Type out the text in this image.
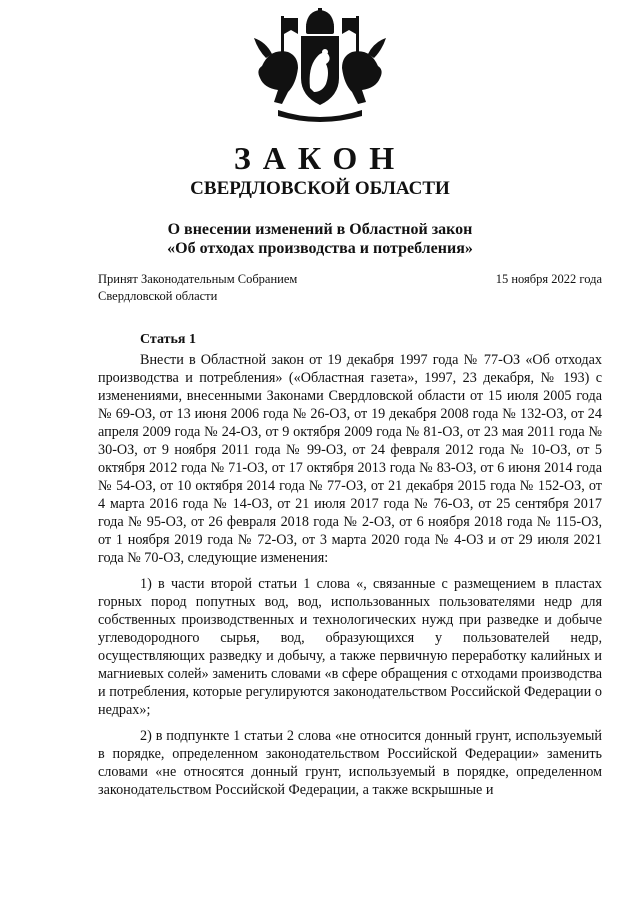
ЗАКОН
СВЕРДЛОВСКОЙ ОБЛАСТИ
О внесении изменений в Областной закон
«Об отходах производства и потребления»
Принят Законодательным Собранием
Свердловской области
15 ноября 2022 года
Статья 1

Внести в Областной закон от 19 декабря 1997 года № 77-ОЗ «Об отходах производства и потребления» («Областная газета», 1997, 23 декабря, № 193) с изменениями, внесенными Законами Свердловской области от 15 июля 2005 года № 69-ОЗ, от 13 июня 2006 года № 26-ОЗ, от 19 декабря 2008 года № 132-ОЗ, от 24 апреля 2009 года № 24-ОЗ, от 9 октября 2009 года № 81-ОЗ, от 23 мая 2011 года № 30-ОЗ, от 9 ноября 2011 года № 99-ОЗ, от 24 февраля 2012 года № 10-ОЗ, от 5 октября 2012 года № 71-ОЗ, от 17 октября 2013 года № 83-ОЗ, от 6 июня 2014 года № 54-ОЗ, от 10 октября 2014 года № 77-ОЗ, от 21 декабря 2015 года № 152-ОЗ, от 4 марта 2016 года № 14-ОЗ, от 21 июля 2017 года № 76-ОЗ, от 25 сентября 2017 года № 95-ОЗ, от 26 февраля 2018 года № 2-ОЗ, от 6 ноября 2018 года № 115-ОЗ, от 1 ноября 2019 года № 72-ОЗ, от 3 марта 2020 года № 4-ОЗ и от 29 июля 2021 года № 70-ОЗ, следующие изменения:

1) в части второй статьи 1 слова «, связанные с размещением в пластах горных пород попутных вод, вод, использованных пользователями недр для собственных производственных и технологических нужд при разведке и добыче углеводородного сырья, вод, образующихся у пользователей недр, осуществляющих разведку и добычу, а также первичную переработку калийных и магниевых солей» заменить словами «в сфере обращения с отходами производства и потребления, которые регулируются законодательством Российской Федерации о недрах»;

2) в подпункте 1 статьи 2 слова «не относится донный грунт, используемый в порядке, определенном законодательством Российской Федерации» заменить словами «не относятся донный грунт, используемый в порядке, определенном законодательством Российской Федерации, а также вскрышные и
